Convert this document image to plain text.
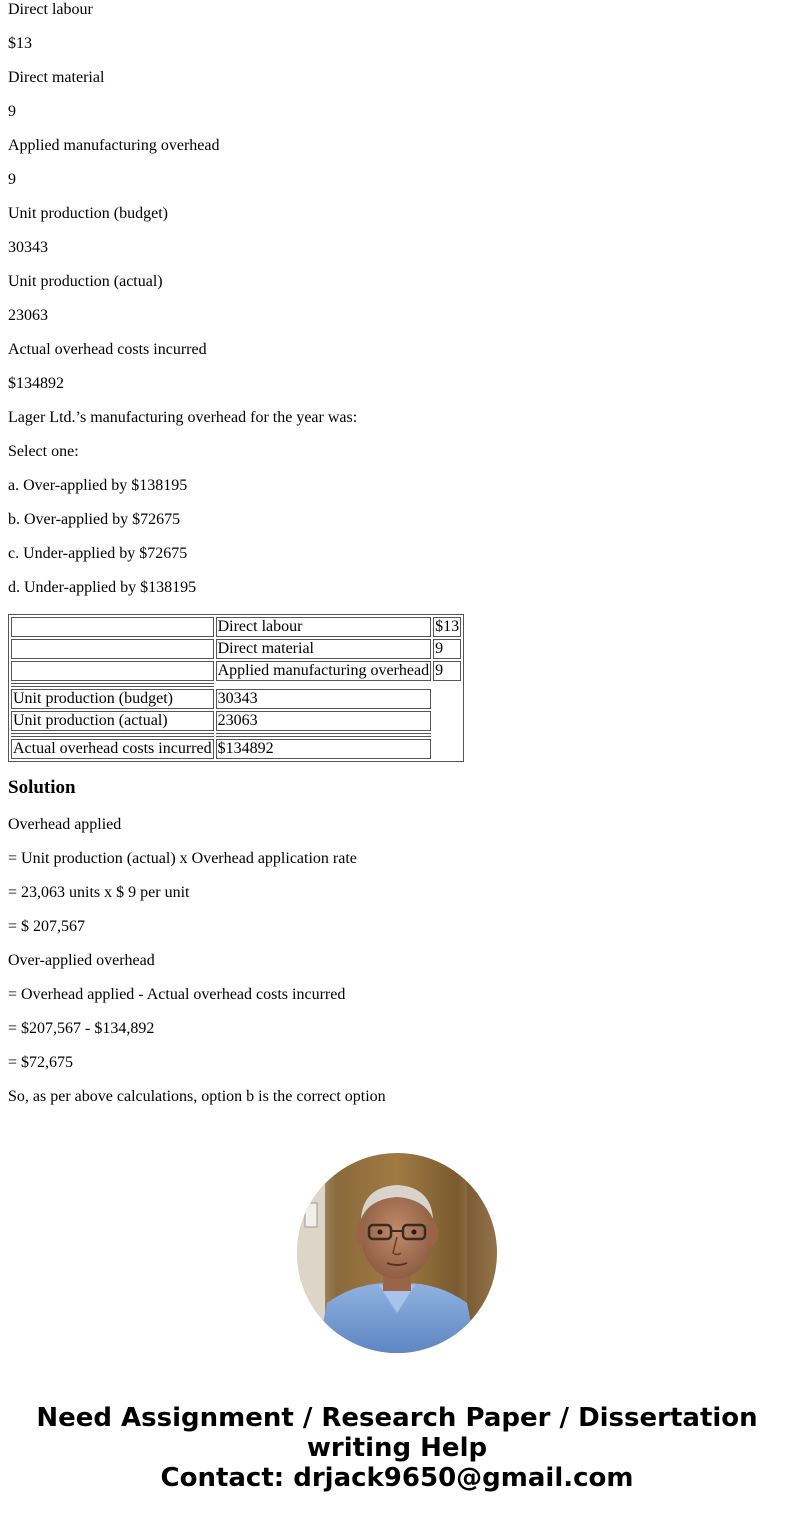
Direct labour
$13
Direct material
9
Applied manufacturing overhead
9
Unit production (budget)
30343
Unit production (actual)
23063
Actual overhead costs incurred
$134892
Lager Ltd.’s manufacturing overhead for the year was:
Select one:
a. Over-applied by $138195
b. Over-applied by $72675
c. Under-applied by $72675
d. Under-applied by $138195
	Direct labour	$13
	Direct material	9
	Applied manufacturing overhead	9

Unit production (budget)	30343	
Unit production (actual)	23063	

Actual overhead costs incurred	$134892	
Solution
Overhead applied
= Unit production (actual) x Overhead application rate
= 23,063 units x $ 9 per unit
= $ 207,567
Over-applied overhead
= Overhead applied - Actual overhead costs incurred
= $207,567 - $134,892
= $72,675
So, as per above calculations, option b is the correct option
Need Assignment / Research Paper / Dissertation
writing Help
Contact: drjack9650@gmail.com
